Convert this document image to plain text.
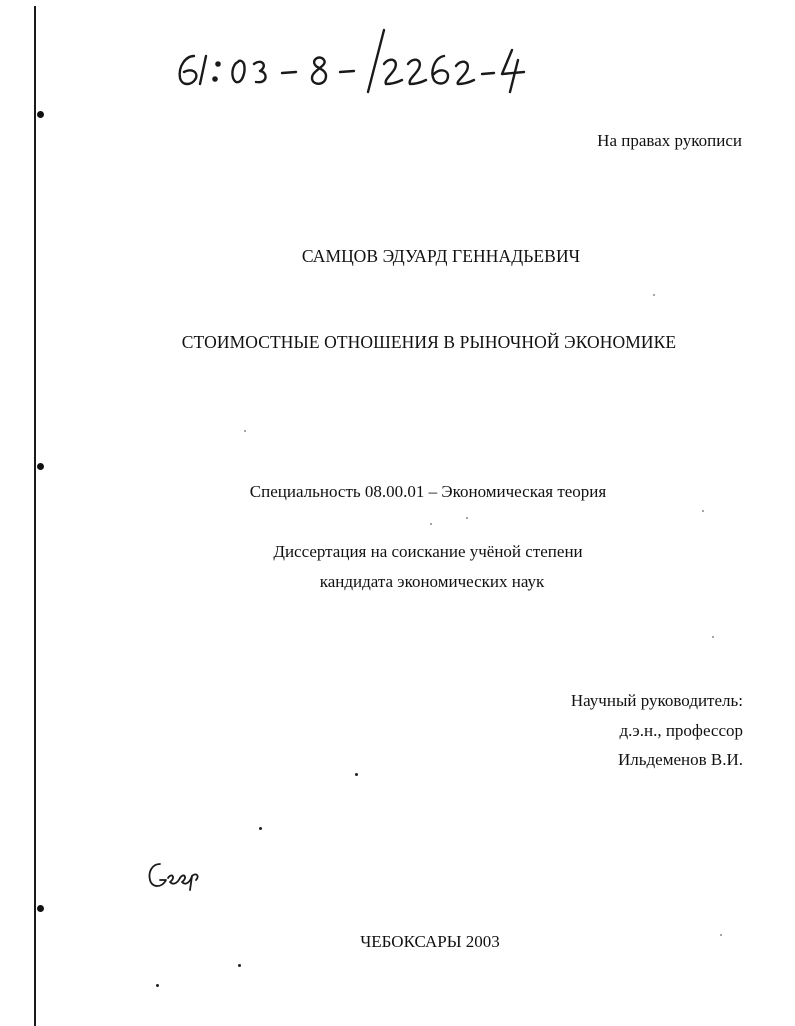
На правах рукописи
САМЦОВ ЭДУАРД ГЕННАДЬЕВИЧ
СТОИМОСТНЫЕ ОТНОШЕНИЯ В РЫНОЧНОЙ ЭКОНОМИКЕ
Специальность 08.00.01 – Экономическая теория
Диссертация на соискание учёной степени
кандидата экономических наук
Научный руководитель:
д.э.н., профессор
Ильдеменов В.И.
ЧЕБОКСАРЫ 2003
